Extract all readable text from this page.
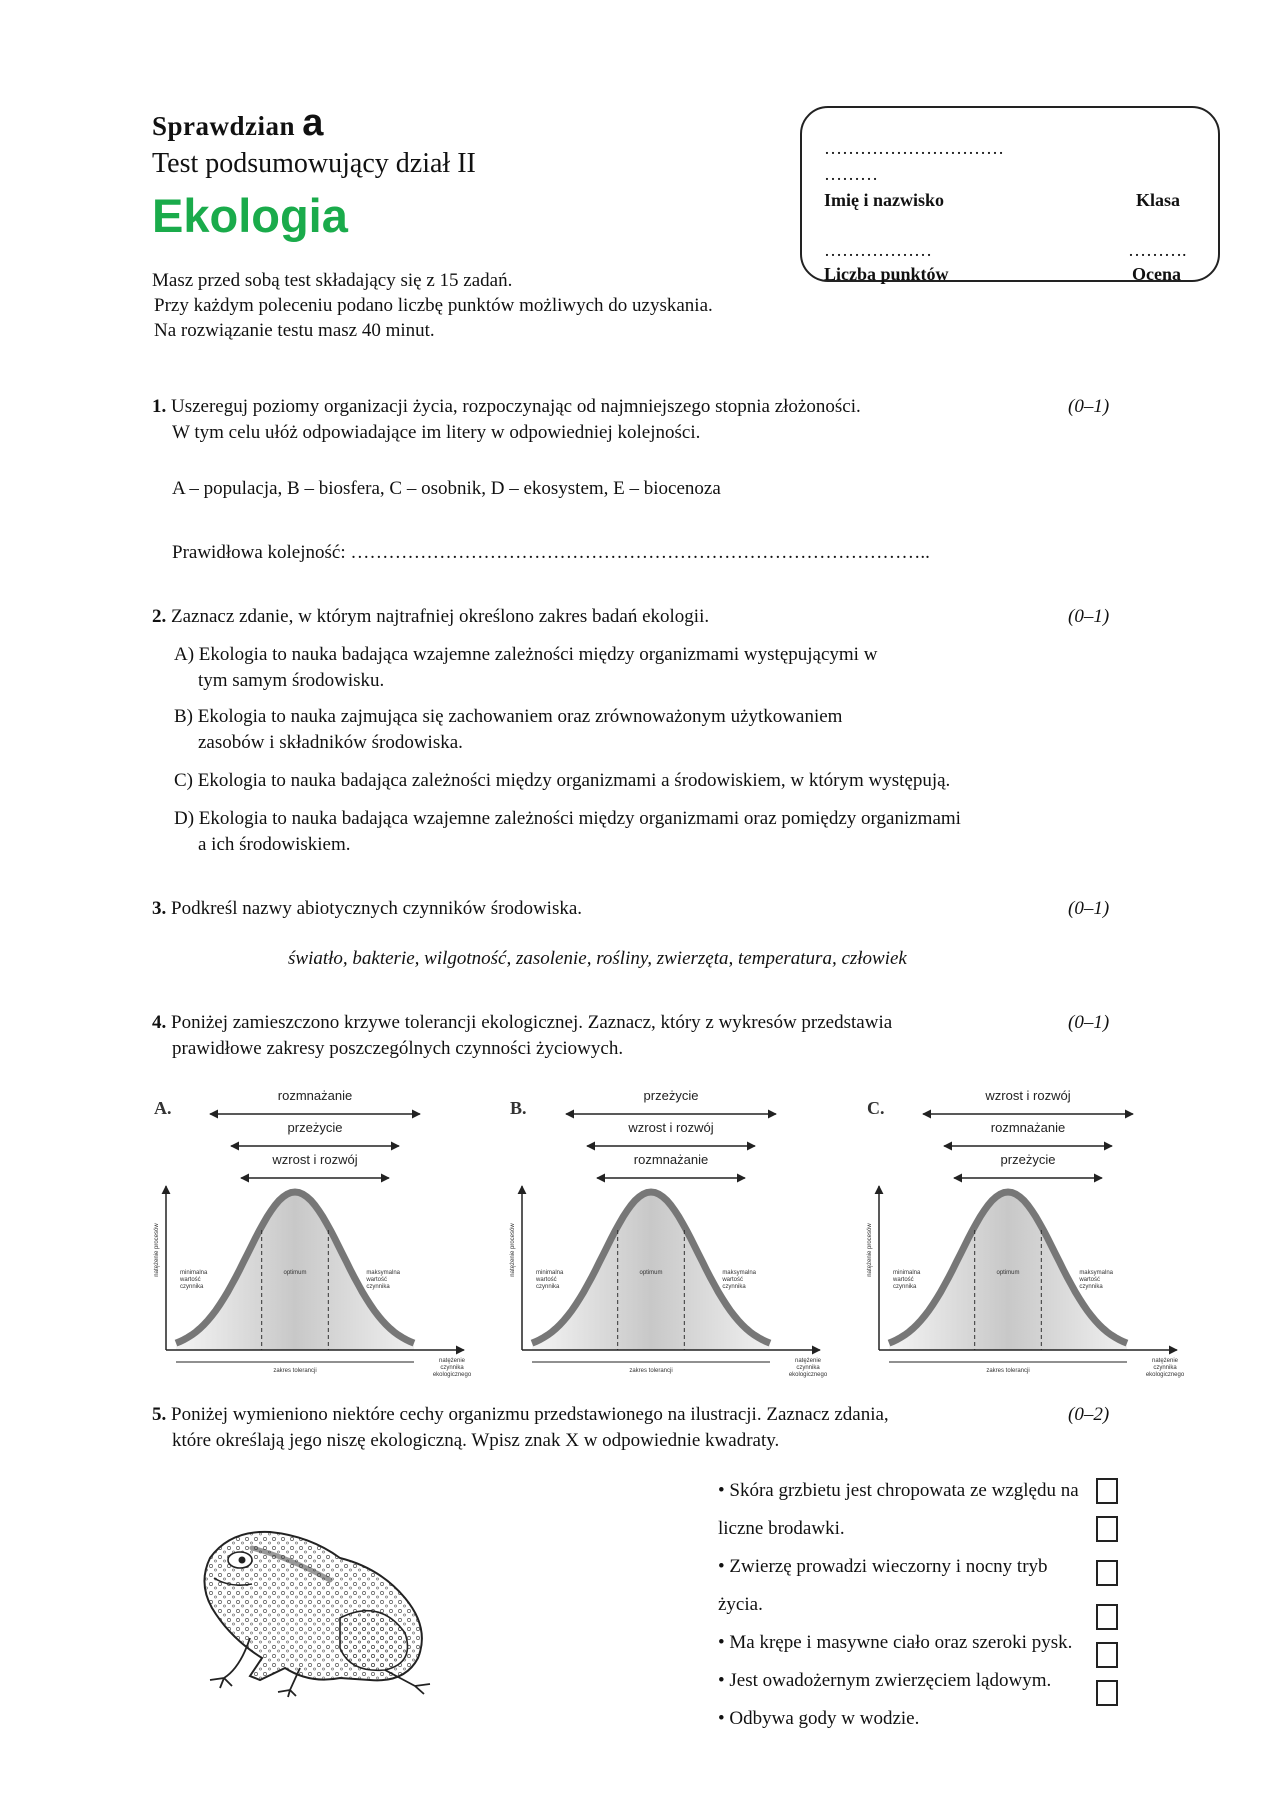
Sprawdzian a
Test podsumowujący dział II
Ekologia
Masz przed sobą test składający się z 15 zadań.
Przy każdym poleceniu podano liczbę punktów możliwych do uzyskania.
Na rozwiązanie testu masz 40 minut.
…………………………
………
Imię i nazwisko	Klasa
………………	……….
Liczba punktów	Ocena
1. Uszereguj poziomy organizacji życia, rozpoczynając od najmniejszego stopnia złożoności.	(0–1)
W tym celu ułóż odpowiadające im litery w odpowiedniej kolejności.
A – populacja, B – biosfera, C – osobnik, D – ekosystem, E – biocenoza
Prawidłowa kolejność: ………………………………………………………………………………..
2. Zaznacz zdanie, w którym najtrafniej określono zakres badań ekologii.	(0–1)
A) Ekologia to nauka badająca wzajemne zależności między organizmami występującymi w
tym samym środowisku.
B) Ekologia to nauka zajmująca się zachowaniem oraz zrównoważonym użytkowaniem
zasobów i składników środowiska.
C) Ekologia to nauka badająca zależności między organizmami a środowiskiem, w którym występują.
D) Ekologia to nauka badająca wzajemne zależności między organizmami oraz pomiędzy organizmami
a ich środowiskiem.
3. Podkreśl nazwy abiotycznych czynników środowiska.	(0–1)
światło, bakterie, wilgotność, zasolenie, rośliny, zwierzęta, temperatura, człowiek
4. Poniżej zamieszczono krzywe tolerancji ekologicznej. Zaznacz, który z wykresów przedstawia	(0–1)
prawidłowe zakresy poszczególnych czynności życiowych.
A.
rozmnażanie
przeżycie
wzrost i rozwój
natężenie procesów	minimalna
wartość
czynnika
optimum	maksymalna
wartość
czynnika
zakres tolerancji
natężenie
czynnika
ekologicznego
B.
przeżycie
wzrost i rozwój
rozmnażanie
natężenie procesów	minimalna
wartość
czynnika
optimum	maksymalna
wartość
czynnika
zakres tolerancji
natężenie
czynnika
ekologicznego
C.
wzrost i rozwój
rozmnażanie
przeżycie
natężenie procesów	minimalna
wartość
czynnika
optimum	maksymalna
wartość
czynnika
zakres tolerancji
natężenie
czynnika
ekologicznego
5. Poniżej wymieniono niektóre cechy organizmu przedstawionego na ilustracji. Zaznacz zdania,	(0–2)
które określają jego niszę ekologiczną. Wpisz znak X w odpowiednie kwadraty.
• Skóra grzbietu jest chropowata ze względu na
liczne brodawki.
• Zwierzę prowadzi wieczorny i nocny tryb
życia.
• Ma krępe i masywne ciało oraz szeroki pysk.
• Jest owadożernym zwierzęciem lądowym.
• Odbywa gody w wodzie.
